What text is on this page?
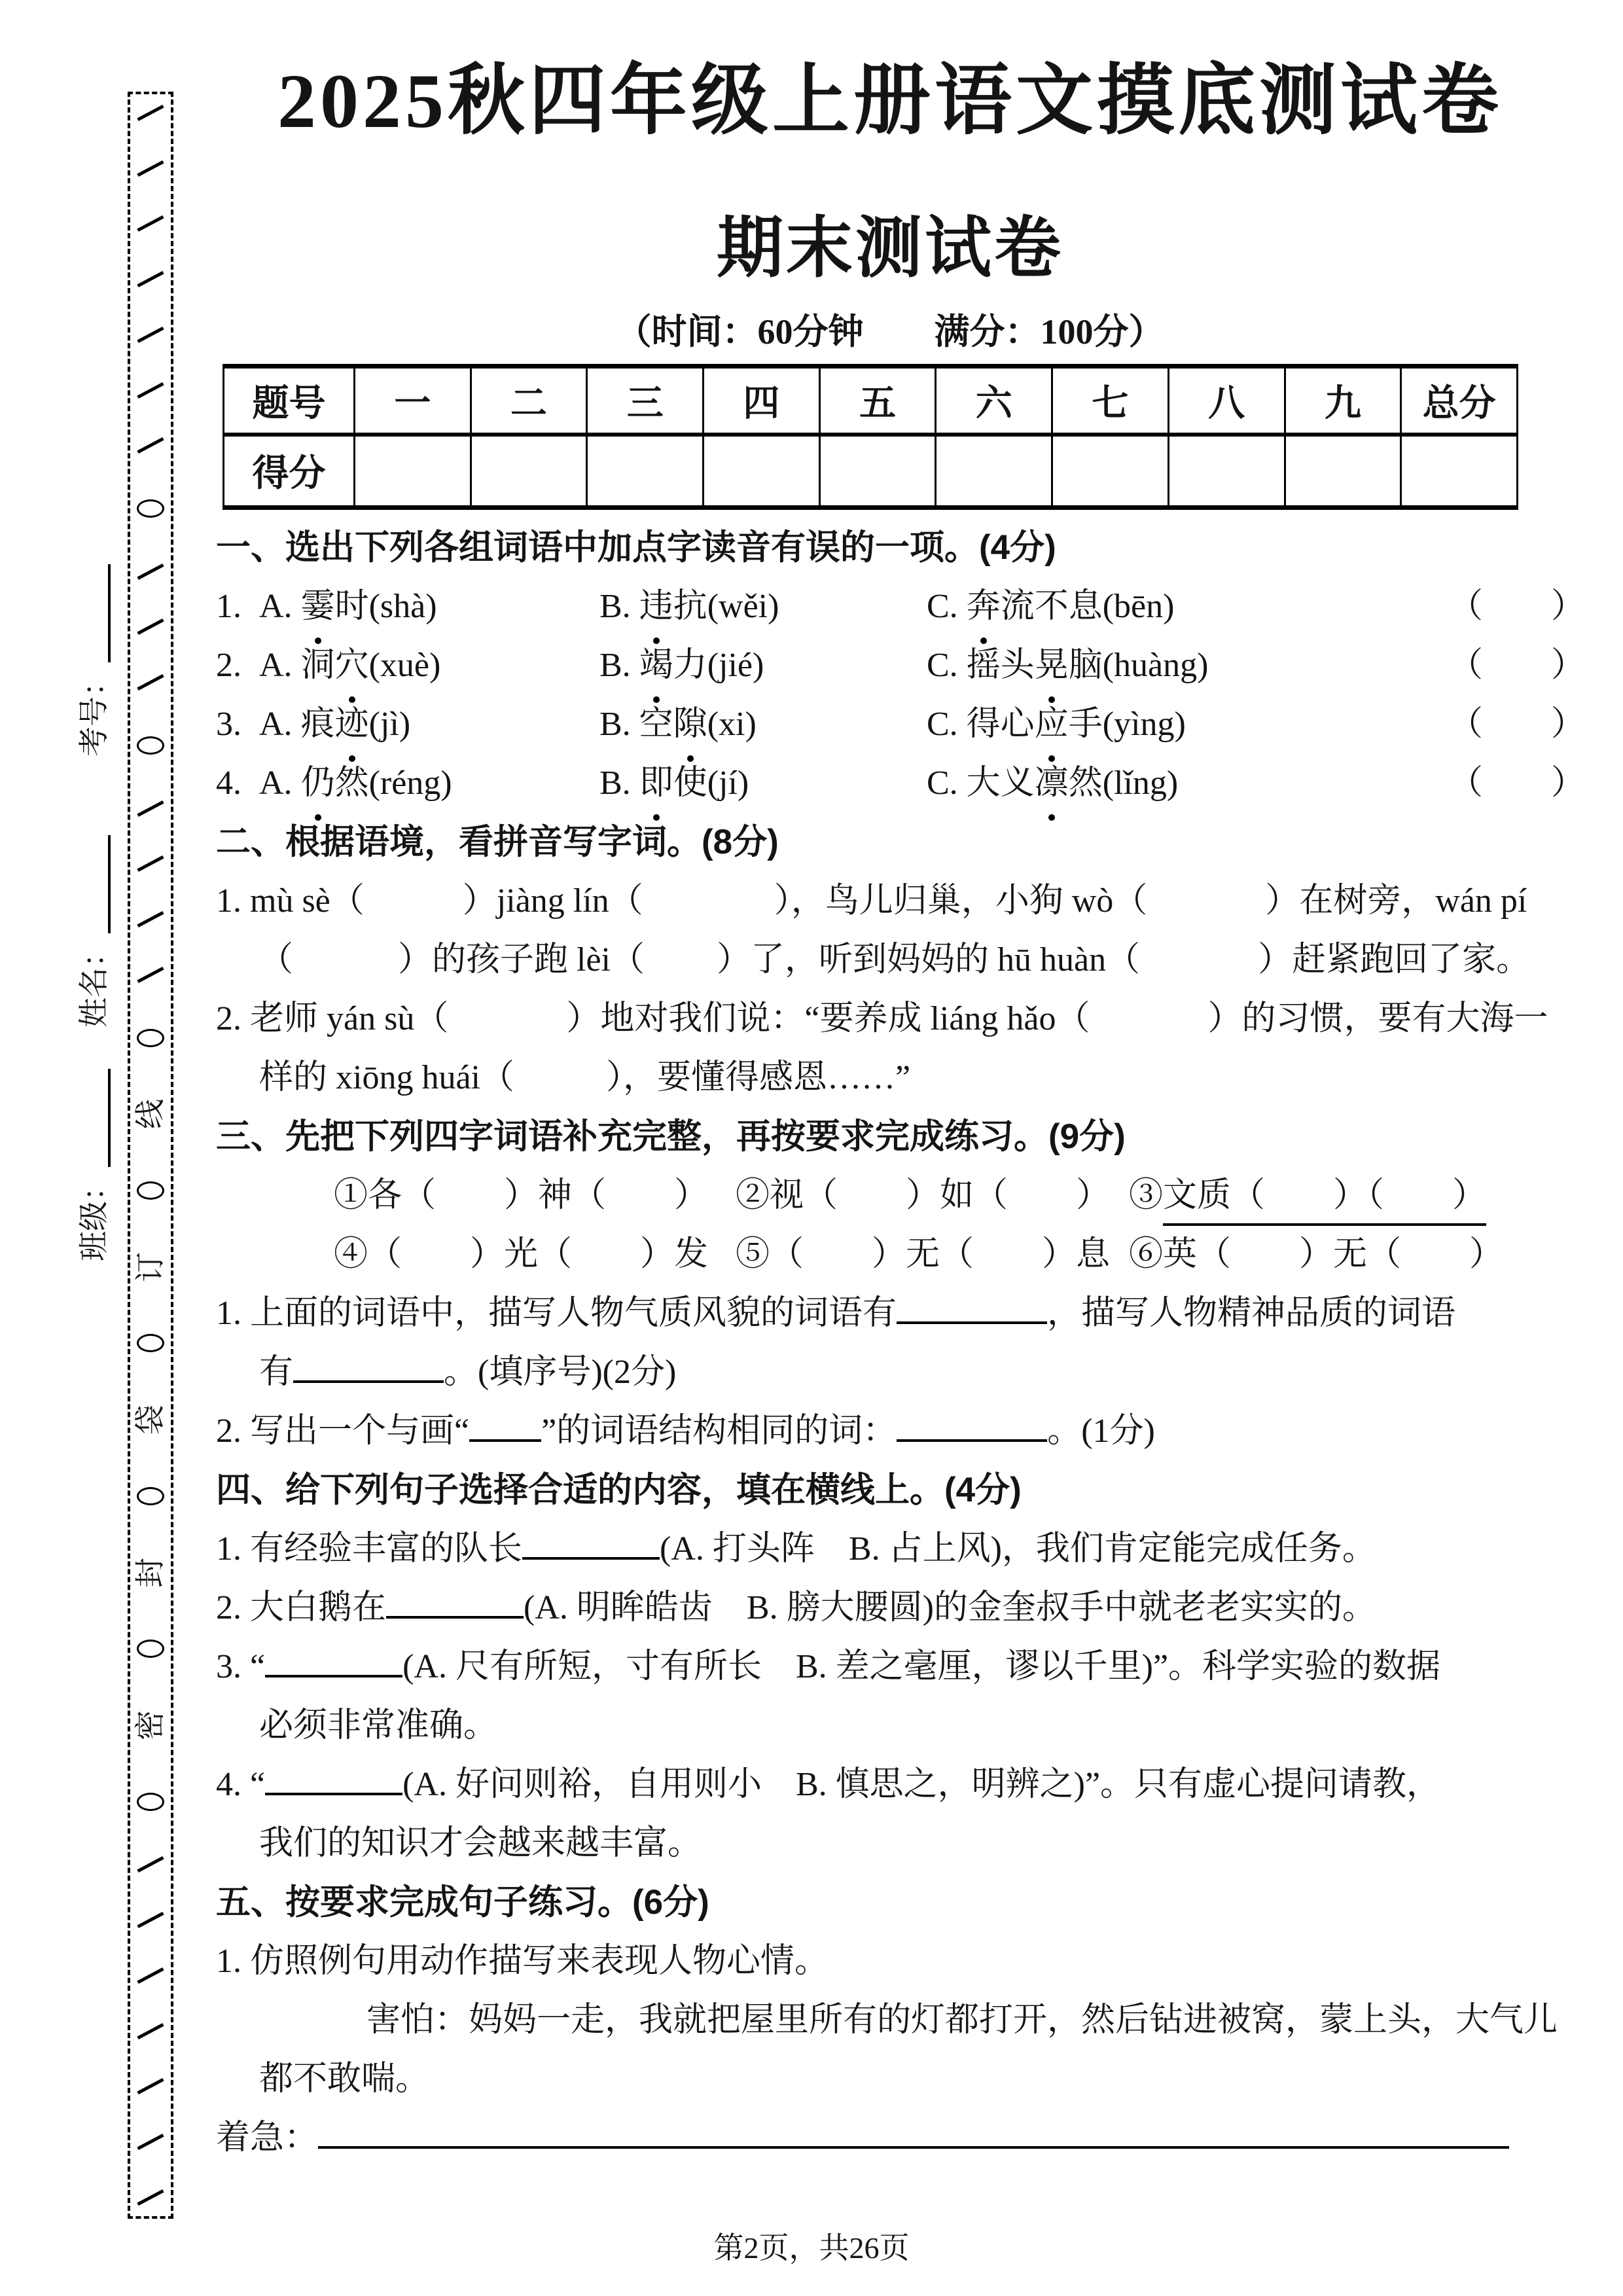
考号：
姓名：
班级：
线
订
袋
封
密
2025秋四年级上册语文摸底测试卷
期末测试卷
（时间：60分钟　　满分：100分）
题号	一	二	三	四	五	六	七	八	九	总分
得分										
一、选出下列各组词语中加点字读音有误的一项。(4分)
1. A. 霎时(shà)	B. 违抗(wěi)	C. 奔流不息(bēn)	（　　）
2. A. 洞穴(xuè)	B. 竭力(jié)	C. 摇头晃脑(huàng)	（　　）
3. A. 痕迹(jì)	B. 空隙(xi)	C. 得心应手(yìng)	（　　）
4. A. 仍然(réng)	B. 即使(jí)	C. 大义凛然(lǐng)	（　　）
二、根据语境，看拼音写字词。(8分)
1. mù sè（	）jiàng lín（	），鸟儿归巢，小狗 wò（	）在树旁，wán pí
（	）的孩子跑 lèi（ ）了，听到妈妈的 hū huàn（	）赶紧跑回了家。
2. 老师 yán sù（	）地对我们说：“要养成 liáng hǎo（	）的习惯，要有大海一
样的 xiōng huái（	），要懂得感恩……”
三、先把下列四字词语补充完整，再按要求完成练习。(9分)
①各（　　）神（　　） ②视（　　）如（　　） ③文质（　　）（　　）
④（　　）光（　　）发 ⑤（　　）无（　　）息 ⑥英（　　）无（　　）
1. 上面的词语中，描写人物气质风貌的词语有	，描写人物精神品质的词语
有	。(填序号)(2分)
2. 写出一个与画“ ”的词语结构相同的词：	。(1分)
四、给下列句子选择合适的内容，填在横线上。(4分)
1. 有经验丰富的队长	(A. 打头阵　B. 占上风)，我们肯定能完成任务。
2. 大白鹅在	(A. 明眸皓齿　B. 膀大腰圆)的金奎叔手中就老老实实的。
3. “	(A. 尺有所短，寸有所长　B. 差之毫厘，谬以千里)”。科学实验的数据
必须非常准确。
4. “	(A. 好问则裕，自用则小　B. 慎思之，明辨之)”。只有虚心提问请教，
我们的知识才会越来越丰富。
五、按要求完成句子练习。(6分)
1. 仿照例句用动作描写来表现人物心情。
害怕：妈妈一走，我就把屋里所有的灯都打开，然后钻进被窝，蒙上头，大气儿
都不敢喘。
着急：
第2页，共26页
